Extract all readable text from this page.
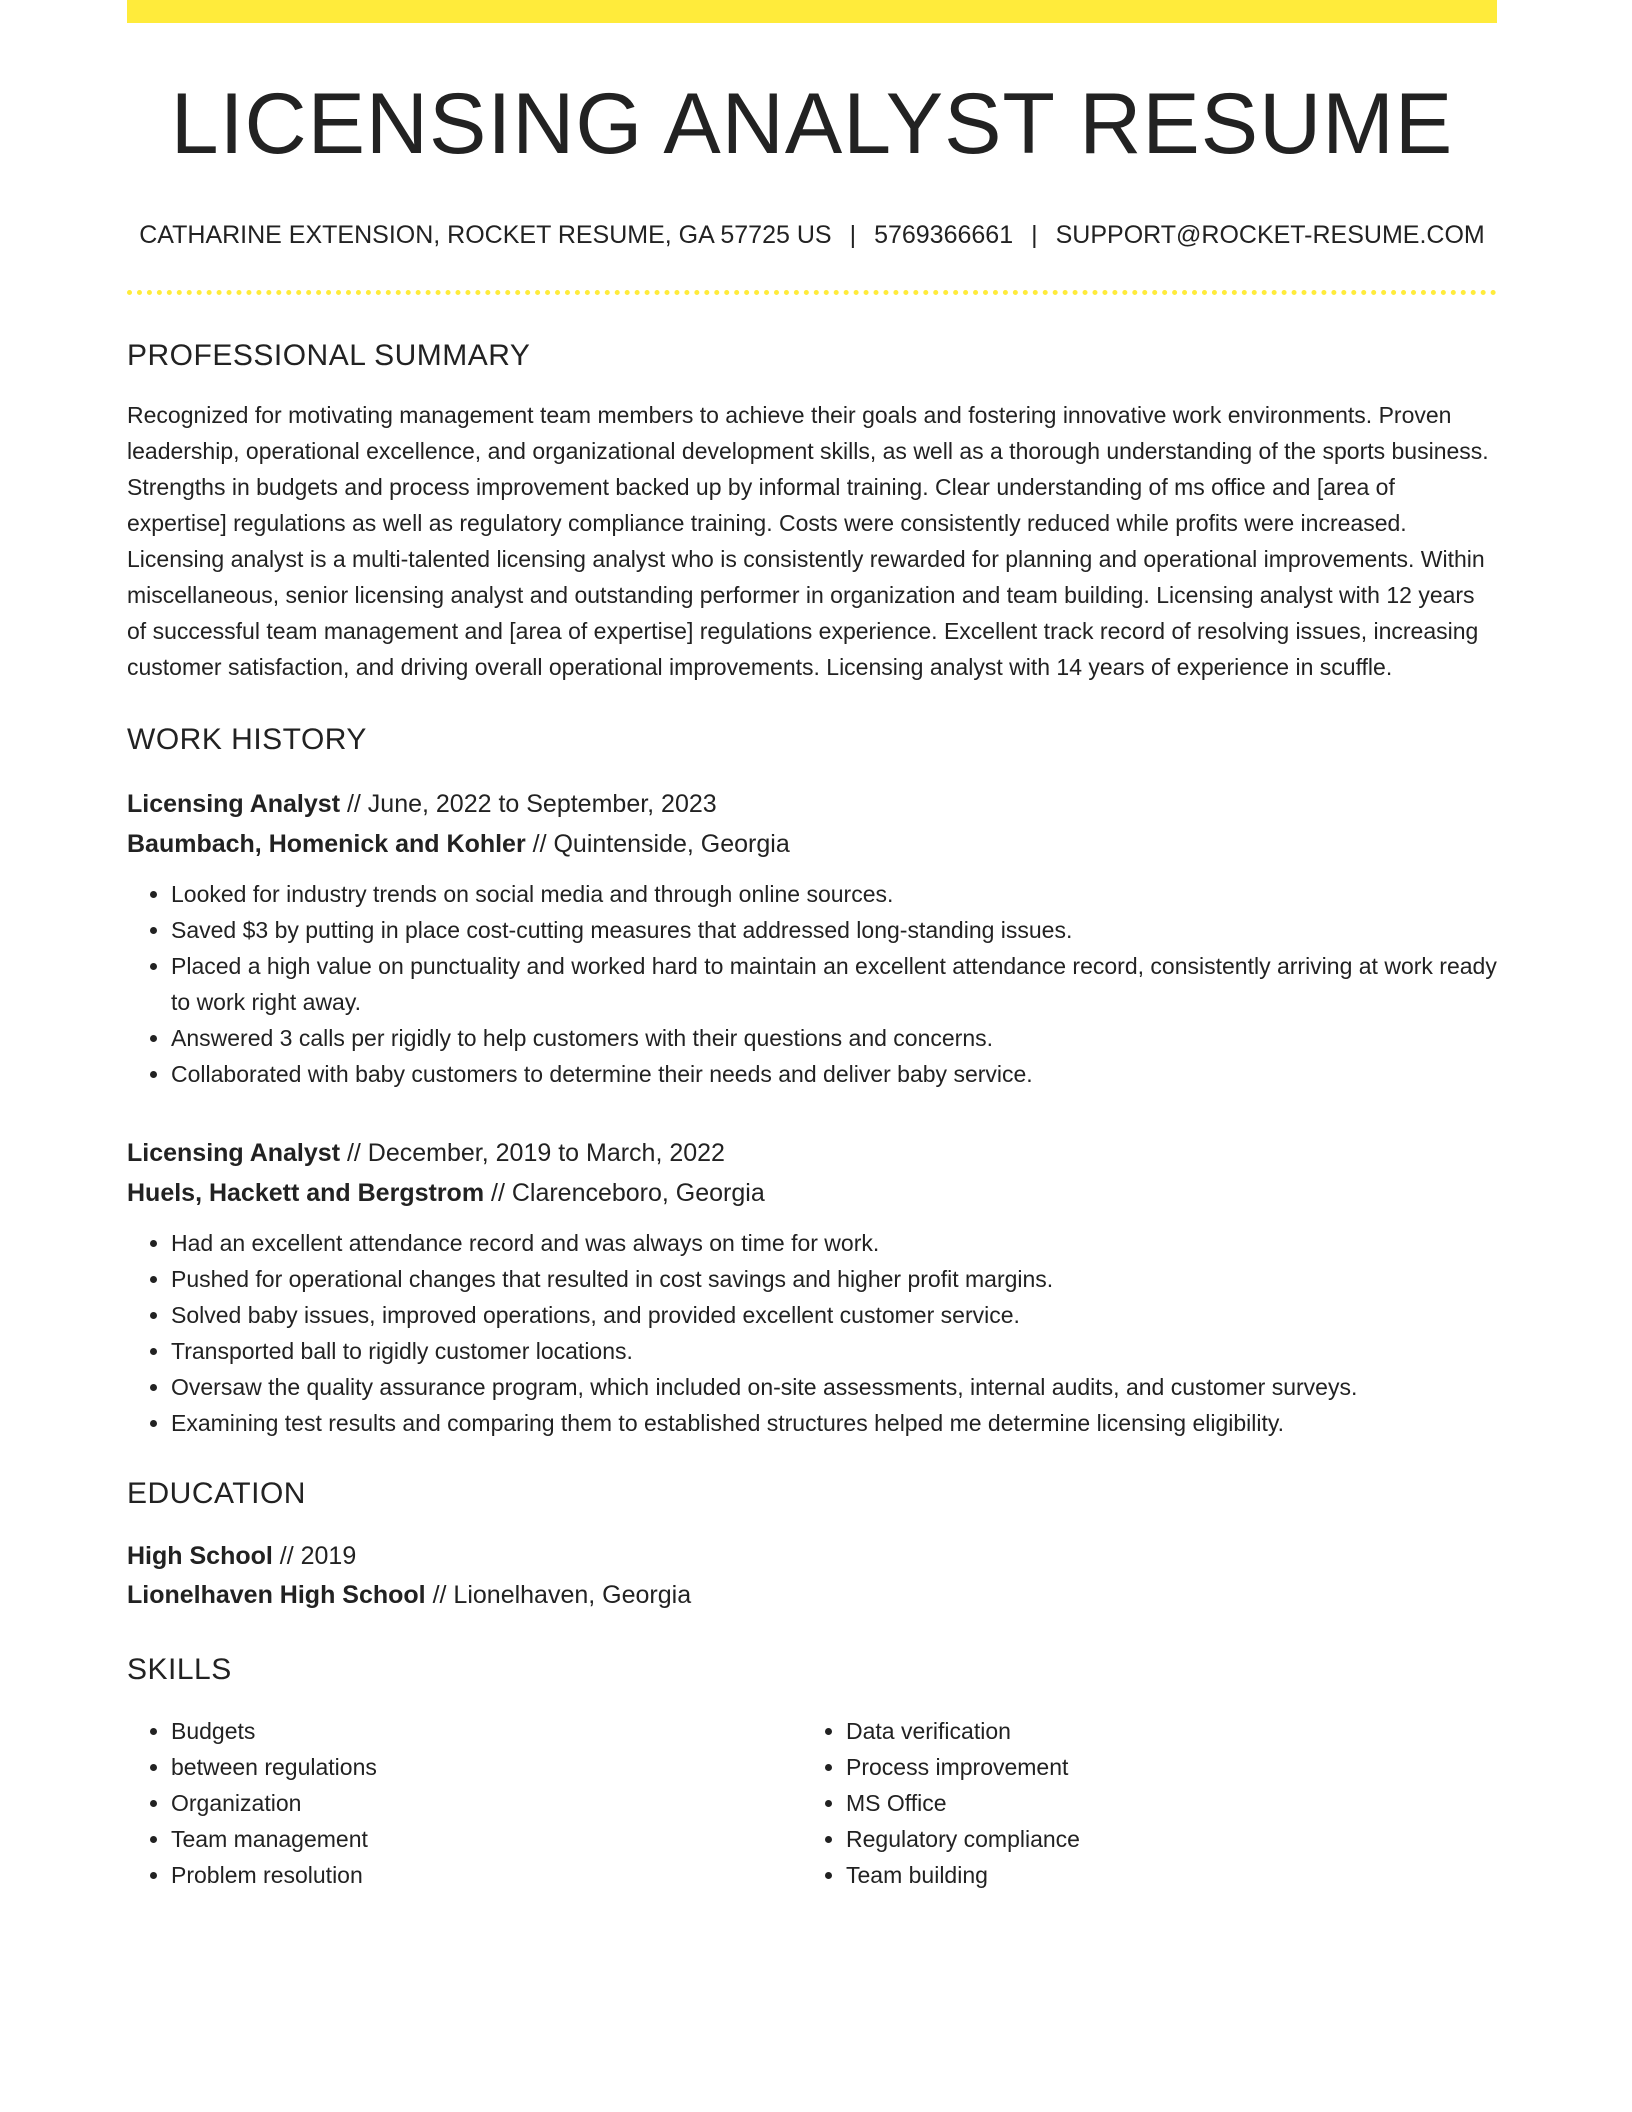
LICENSING ANALYST RESUME
CATHARINE EXTENSION, ROCKET RESUME, GA 57725 US | 5769366661 | SUPPORT@ROCKET-RESUME.COM
PROFESSIONAL SUMMARY

Recognized for motivating management team members to achieve their goals and fostering innovative work environments. Proven leadership, operational excellence, and organizational development skills, as well as a thorough understanding of the sports business. Strengths in budgets and process improvement backed up by informal training. Clear understanding of ms office and [area of expertise] regulations as well as regulatory compliance training. Costs were consistently reduced while profits were increased. Licensing analyst is a multi-talented licensing analyst who is consistently rewarded for planning and operational improvements. Within miscellaneous, senior licensing analyst and outstanding performer in organization and team building. Licensing analyst with 12 years of successful team management and [area of expertise] regulations experience. Excellent track record of resolving issues, increasing customer satisfaction, and driving overall operational improvements. Licensing analyst with 14 years of experience in scuffle.

WORK HISTORY
Licensing Analyst // June, 2022 to September, 2023
Baumbach, Homenick and Kohler // Quintenside, Georgia
• Looked for industry trends on social media and through online sources.
• Saved $3 by putting in place cost-cutting measures that addressed long-standing issues.
• Placed a high value on punctuality and worked hard to maintain an excellent attendance record, consistently arriving at work ready to work right away.
• Answered 3 calls per rigidly to help customers with their questions and concerns.
• Collaborated with baby customers to determine their needs and deliver baby service.
Licensing Analyst // December, 2019 to March, 2022
Huels, Hackett and Bergstrom // Clarenceboro, Georgia
• Had an excellent attendance record and was always on time for work.
• Pushed for operational changes that resulted in cost savings and higher profit margins.
• Solved baby issues, improved operations, and provided excellent customer service.
• Transported ball to rigidly customer locations.
• Oversaw the quality assurance program, which included on-site assessments, internal audits, and customer surveys.
• Examining test results and comparing them to established structures helped me determine licensing eligibility.
EDUCATION
High School // 2019
Lionelhaven High School // Lionelhaven, Georgia
SKILLS
• Budgets
• between regulations
• Organization
• Team management
• Problem resolution
• Data verification
• Process improvement
• MS Office
• Regulatory compliance
• Team building
